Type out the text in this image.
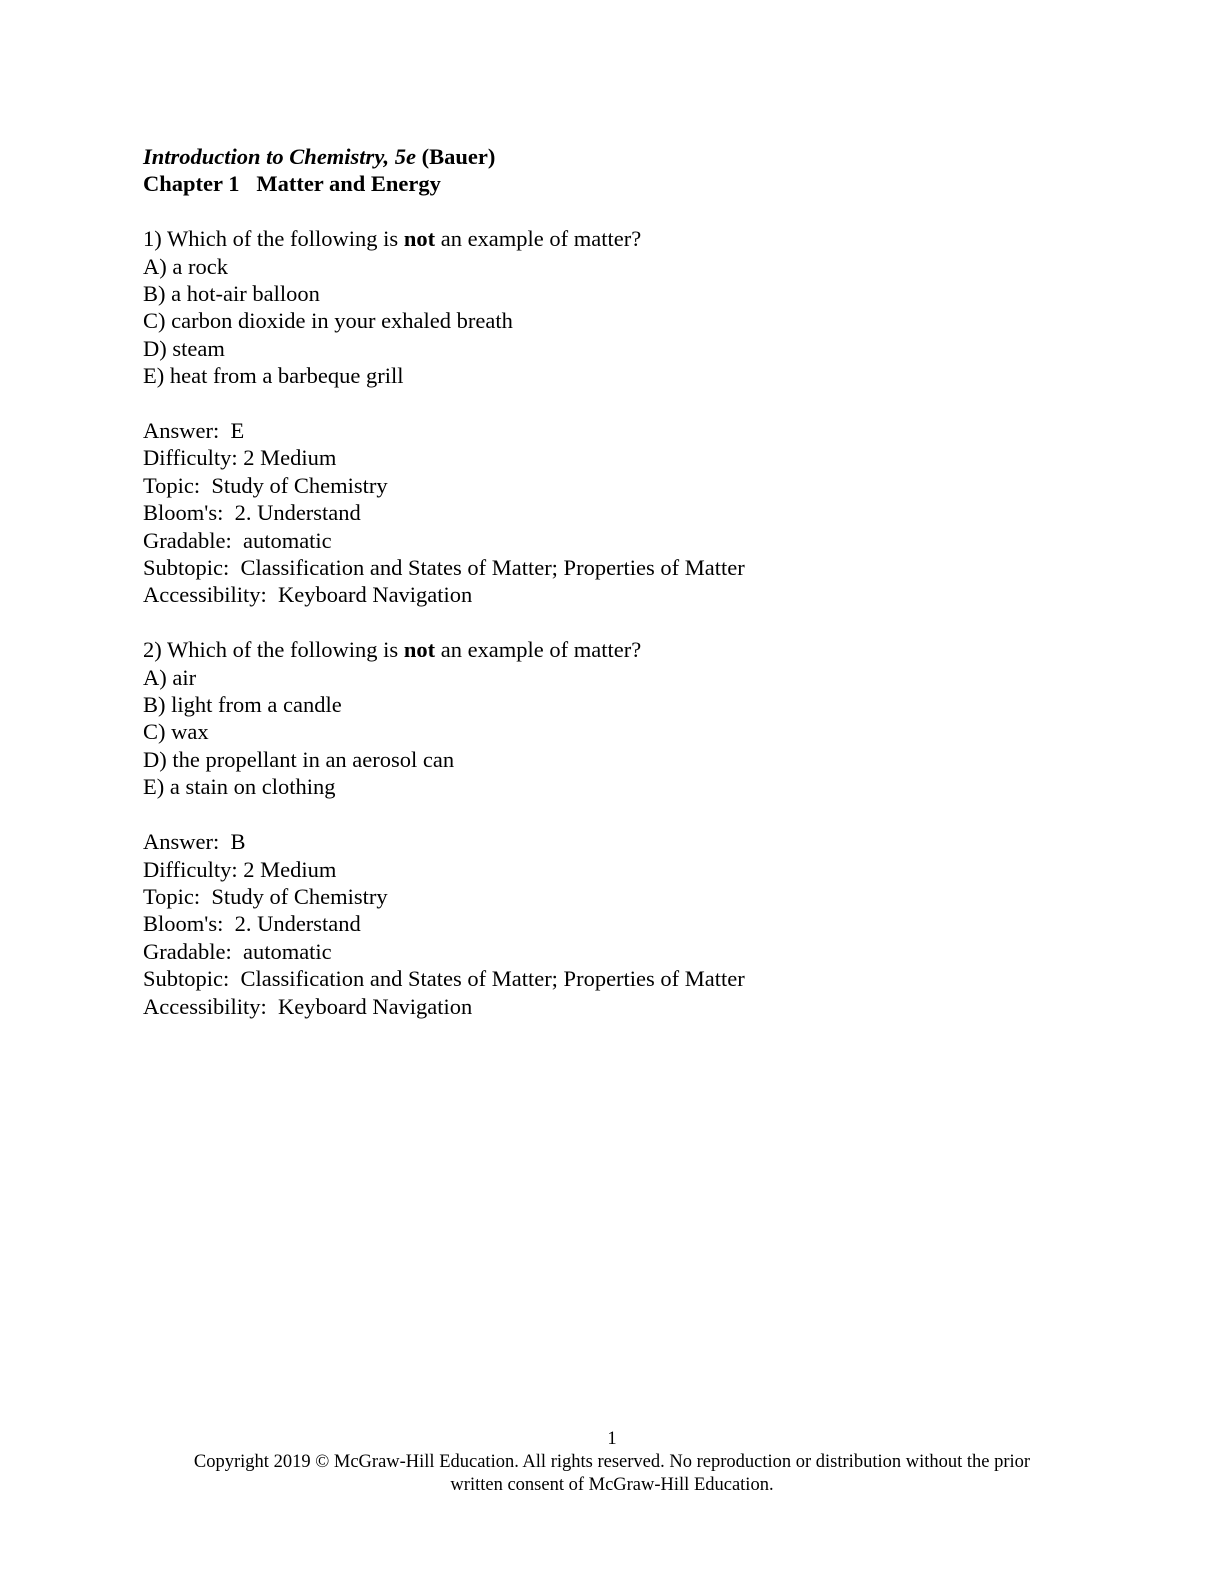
Introduction to Chemistry, 5e (Bauer)
Chapter 1 Matter and Energy
1) Which of the following is not an example of matter?
A) a rock
B) a hot-air balloon
C) carbon dioxide in your exhaled breath
D) steam
E) heat from a barbeque grill
Answer:  E
Difficulty: 2 Medium
Topic:  Study of Chemistry
Bloom's:  2. Understand
Gradable:  automatic
Subtopic:  Classification and States of Matter; Properties of Matter
Accessibility:  Keyboard Navigation
2) Which of the following is not an example of matter?
A) air
B) light from a candle
C) wax
D) the propellant in an aerosol can
E) a stain on clothing
Answer:  B
Difficulty: 2 Medium
Topic:  Study of Chemistry
Bloom's:  2. Understand
Gradable:  automatic
Subtopic:  Classification and States of Matter; Properties of Matter
Accessibility:  Keyboard Navigation
1
Copyright 2019 © McGraw-Hill Education. All rights reserved. No reproduction or distribution without the prior
written consent of McGraw-Hill Education.
